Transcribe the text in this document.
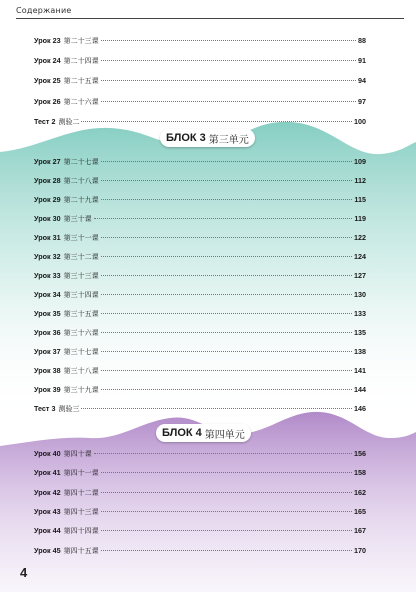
Содержание
Урок 23 第二十三课	88
Урок 24 第二十四课	91
Урок 25 第二十五课	94
Урок 26 第二十六课	97
Тест 2 测验二	100
БЛОК 3 第三单元
Урок 27 第二十七课	109
Урок 28 第二十八课	112
Урок 29 第二十九课	115
Урок 30 第三十课	119
Урок 31 第三十一课	122
Урок 32 第三十二课	124
Урок 33 第三十三课	127
Урок 34 第三十四课	130
Урок 35 第三十五课	133
Урок 36 第三十六课	135
Урок 37 第三十七课	138
Урок 38 第三十八课	141
Урок 39 第三十九课	144
Тест 3 测验三	146
БЛОК 4 第四单元
Урок 40 第四十课	156
Урок 41 第四十一课	158
Урок 42 第四十二课	162
Урок 43 第四十三课	165
Урок 44 第四十四课	167
Урок 45 第四十五课	170
4
